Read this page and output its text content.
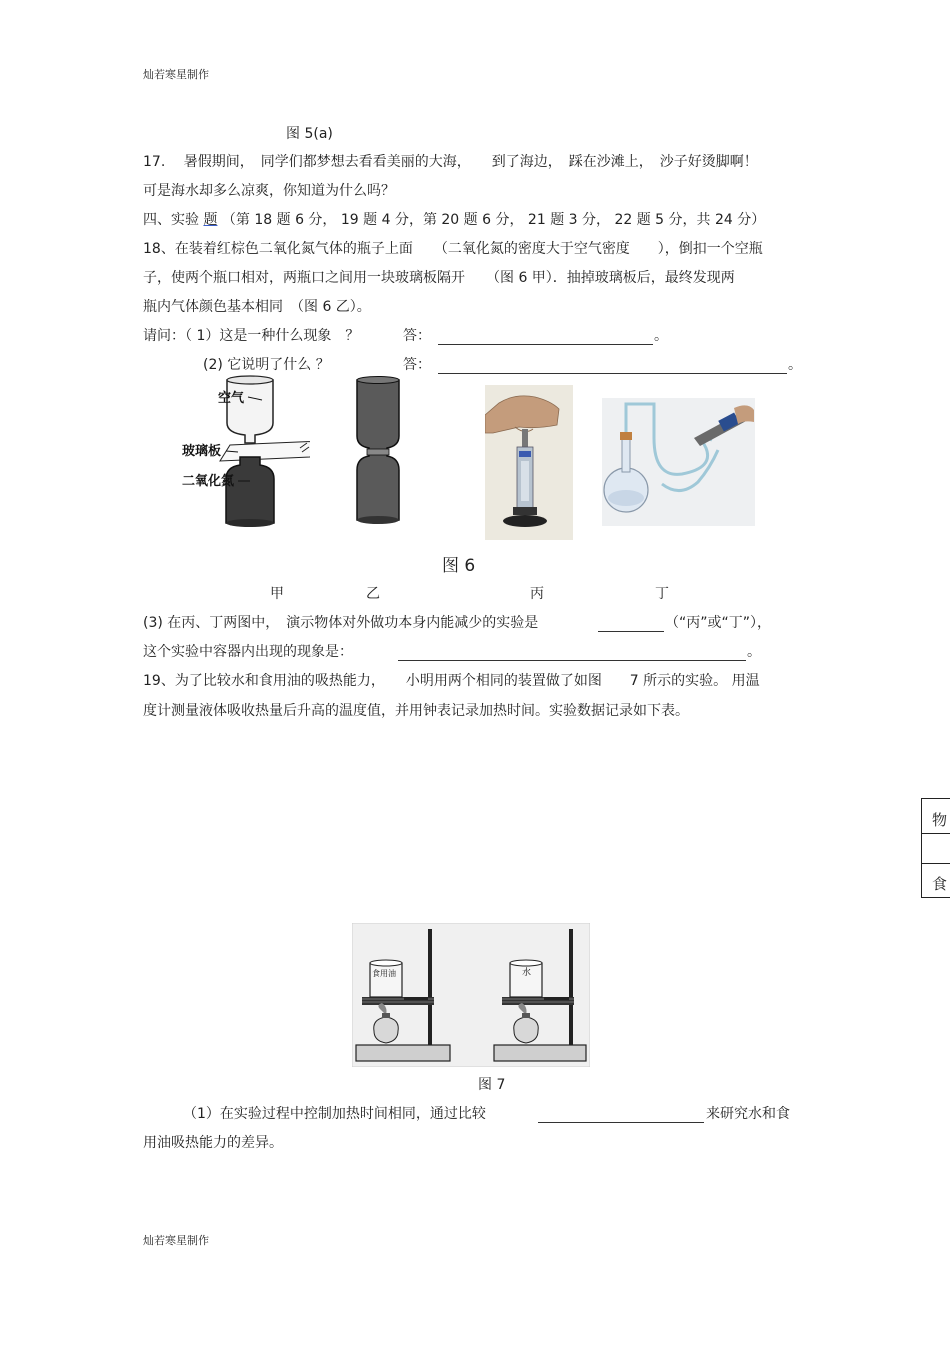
灿若寒星制作
图 5(a)
17.　 暑假期间，　同学们都梦想去看看美丽的大海，　　到了海边，　踩在沙滩上，　沙子好烫脚啊！
可是海水却多么凉爽，你知道为什么吗？
四、实验 题 （第 18 题 6 分， 19 题 4 分，第 20 题 6 分， 21 题 3 分， 22 题 5 分，共 24 分）
18、在装着红棕色二氧化氮气体的瓶子上面　　（二氧化氮的密度大于空气密度　　），倒扣一个空瓶
子，使两个瓶口相对，两瓶口之间用一块玻璃板隔开　　（图 6 甲）．抽掉玻璃板后，最终发现两
瓶内气体颜色基本相同　（图 6 乙）。
请问：（ 1）这是一种什么现象　？	答：	。
(2) 它说明了什么 ？	答：	。
空气
玻璃板
二氧化氮
图 6
甲	乙	丙	丁
(3) 在丙、丁两图中，　演示物体对外做功本身内能减少的实验是	（“丙”或“丁”），
这个实验中容器内出现的现象是：	。
19、为了比较水和食用油的吸热能力，　　小明用两个相同的装置做了如图　　7 所示的实验。 用温
度计测量液体吸收热量后升高的温度值，并用钟表记录加热时间。实验数据记录如下表。
物
食
食用油	水
图 7
（1）在实验过程中控制加热时间相同，通过比较	来研究水和食
用油吸热能力的差异。
灿若寒星制作
